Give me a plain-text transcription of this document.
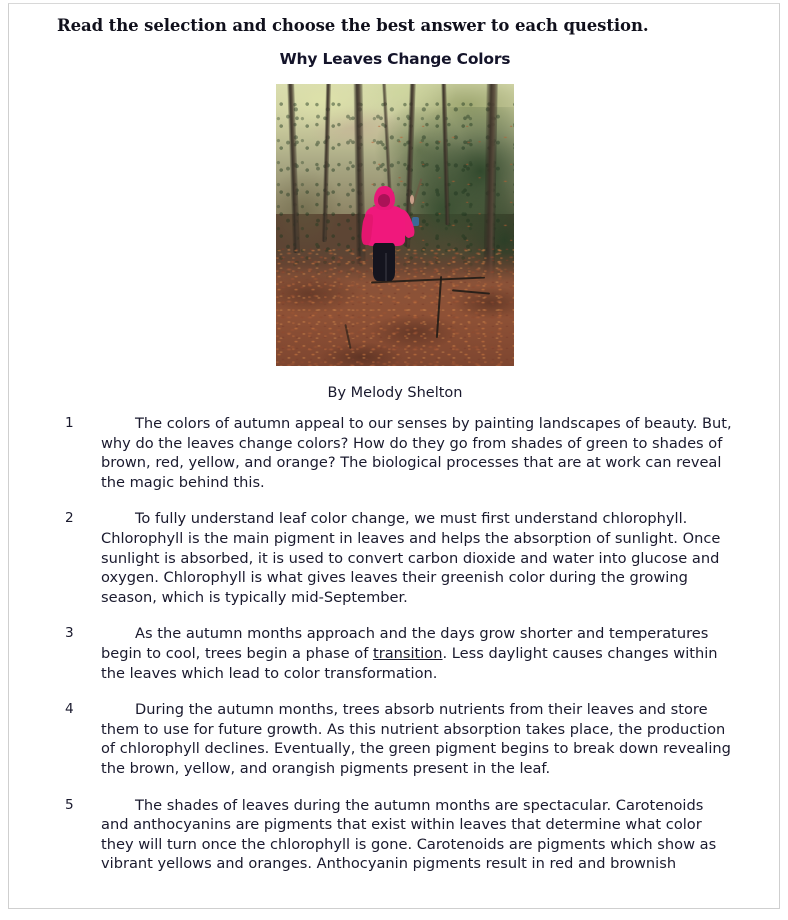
Read the selection and choose the best answer to each question.
Why Leaves Change Colors
By Melody Shelton
1	The colors of autumn appeal to our senses by painting landscapes of beauty. But, why do the leaves change colors? How do they go from shades of green to shades of brown, red, yellow, and orange? The biological processes that are at work can reveal the magic behind this.
2	To fully understand leaf color change, we must first understand chlorophyll. Chlorophyll is the main pigment in leaves and helps the absorption of sunlight. Once sunlight is absorbed, it is used to convert carbon dioxide and water into glucose and oxygen. Chlorophyll is what gives leaves their greenish color during the growing season, which is typically mid-September.
3	As the autumn months approach and the days grow shorter and temperatures begin to cool, trees begin a phase of transition. Less daylight causes changes within the leaves which lead to color transformation.
4	During the autumn months, trees absorb nutrients from their leaves and store them to use for future growth. As this nutrient absorption takes place, the production of chlorophyll declines. Eventually, the green pigment begins to break down revealing the brown, yellow, and orangish pigments present in the leaf.
5	The shades of leaves during the autumn months are spectacular. Carotenoids and anthocyanins are pigments that exist within leaves that determine what color they will turn once the chlorophyll is gone. Carotenoids are pigments which show as vibrant yellows and oranges. Anthocyanin pigments result in red and brownish
